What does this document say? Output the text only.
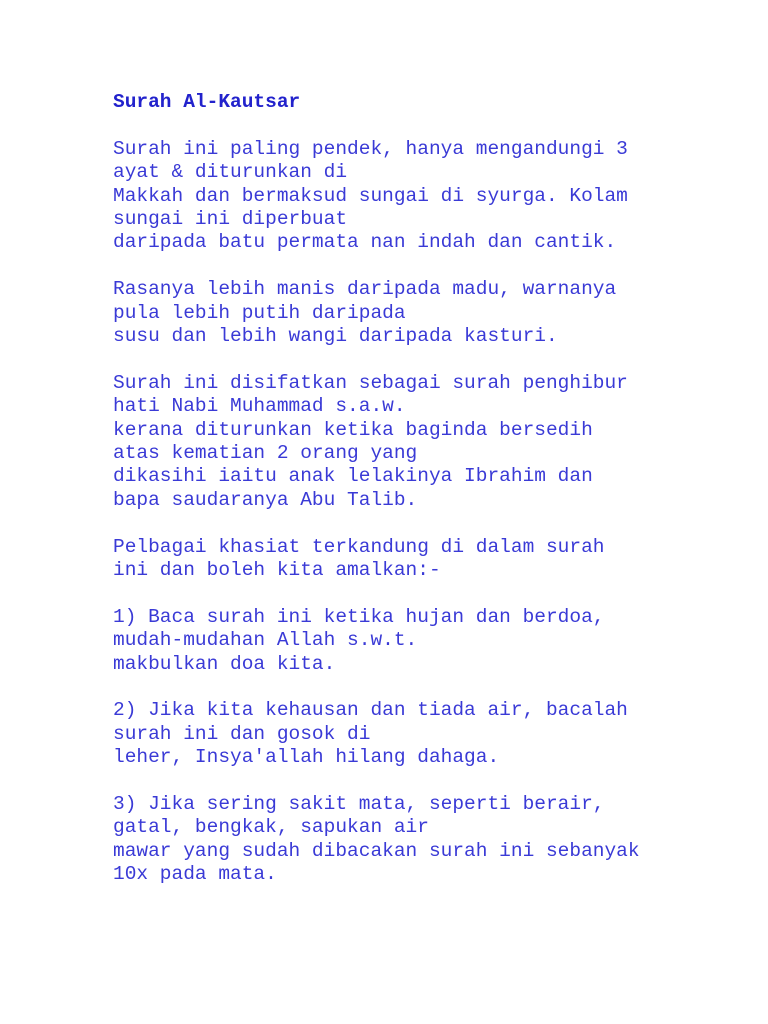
Surah Al-Kautsar
Surah ini paling pendek, hanya mengandungi 3
ayat & diturunkan di
Makkah dan bermaksud sungai di syurga. Kolam
sungai ini diperbuat
daripada batu permata nan indah dan cantik.
Rasanya lebih manis daripada madu, warnanya
pula lebih putih daripada
susu dan lebih wangi daripada kasturi.
Surah ini disifatkan sebagai surah penghibur
hati Nabi Muhammad s.a.w.
kerana diturunkan ketika baginda bersedih
atas kematian 2 orang yang
dikasihi iaitu anak lelakinya Ibrahim dan
bapa saudaranya Abu Talib.
Pelbagai khasiat terkandung di dalam surah
ini dan boleh kita amalkan:-
1) Baca surah ini ketika hujan dan berdoa,
mudah-mudahan Allah s.w.t.
makbulkan doa kita.
2) Jika kita kehausan dan tiada air, bacalah
surah ini dan gosok di
leher, Insya'allah hilang dahaga.
3) Jika sering sakit mata, seperti berair,
gatal, bengkak, sapukan air
mawar yang sudah dibacakan surah ini sebanyak
10x pada mata.
